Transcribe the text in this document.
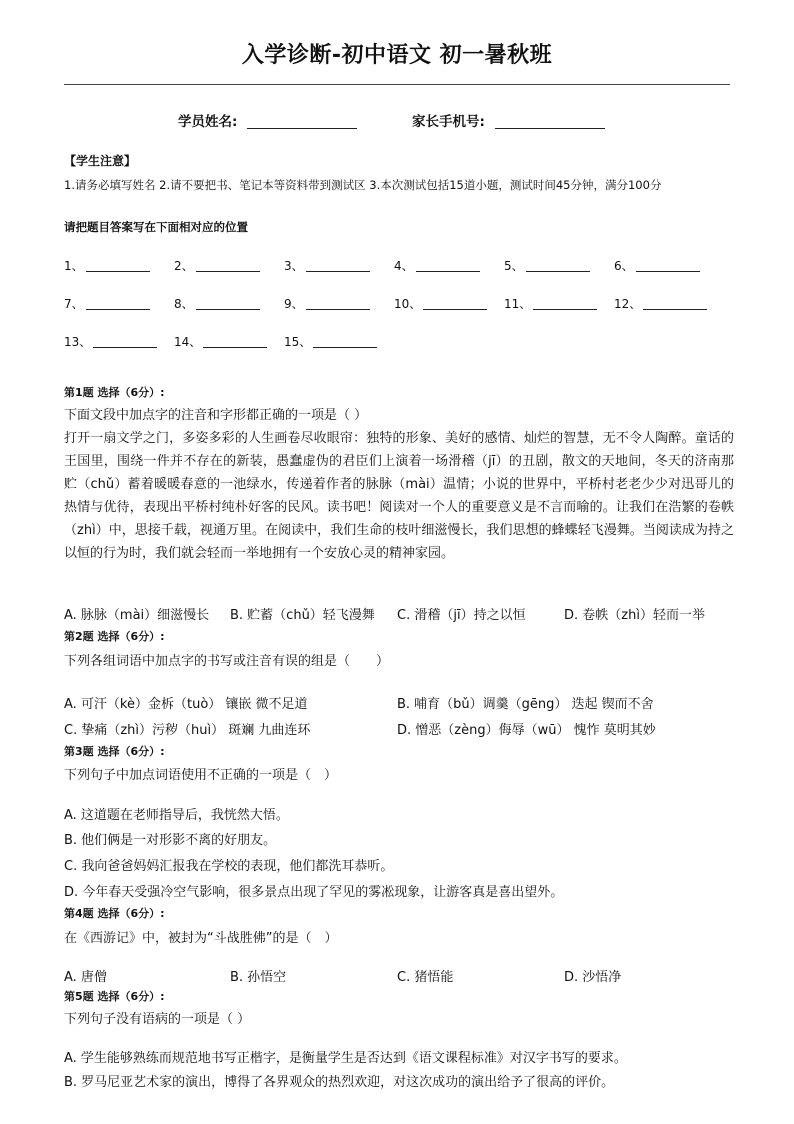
入学诊断-初中语文 初一暑秋班
学员姓名:	家长手机号:
【学生注意】
1.请务必填写姓名 2.请不要把书、笔记本等资料带到测试区 3.本次测试包括15道小题，测试时间45分钟，满分100分
请把题目答案写在下面相对应的位置
1、	2、	3、	4、	5、	6、
7、	8、	9、	10、	11、	12、
13、	14、	15、
第1题 选择（6分）:
下面文段中加点字的注音和字形都正确的一项是（ ）
打开一扇文学之门，多姿多彩的人生画卷尽收眼帘：独特的形象、美好的感情、灿烂的智慧，无不令人陶醉。童话的王国里，围绕一件并不存在的新装，愚蠢虚伪的君臣们上演着一场滑稽（jī）的丑剧，散文的天地间，冬天的济南那贮（chǔ）蓄着暖暖春意的一池绿水，传递着作者的脉脉（mài）温情；小说的世界中，平桥村老老少少对迅哥儿的热情与优待，表现出平桥村纯朴好客的民风。读书吧！阅读对一个人的重要意义是不言而喻的。让我们在浩繁的卷帙（zhì）中，思接千载，视通万里。在阅读中，我们生命的枝叶细滋慢长，我们思想的蜂蝶轻飞漫舞。当阅读成为持之以恒的行为时，我们就会轻而一举地拥有一个安放心灵的精神家园。
A. 脉脉（mài）细滋慢长 B. 贮蓄（chǔ）轻飞漫舞 C. 滑稽（jī）持之以恒	D. 卷帙（zhì）轻而一举
第2题 选择（6分）:
下列各组词语中加点字的书写或注音有误的组是（　　）
A. 可汗（kè）金柝（tuò） 镶嵌 微不足道	B. 哺育（bǔ）调羹（gēng） 迭起 锲而不舍
C. 挚痛（zhì）污秽（huì） 斑斓 九曲连环	D. 憎恶（zèng）侮辱（wū） 愧怍 莫明其妙
第3题 选择（6分）:
下列句子中加点词语使用不正确的一项是（　）
A. 这道题在老师指导后，我恍然大悟。
B. 他们俩是一对形影不离的好朋友。
C. 我向爸爸妈妈汇报我在学校的表现，他们都洗耳恭听。
D. 今年春天受强冷空气影响，很多景点出现了罕见的雾凇现象，让游客真是喜出望外。
第4题 选择（6分）:
在《西游记》中，被封为“斗战胜佛”的是（　）
A. 唐僧	B. 孙悟空	C. 猪悟能	D. 沙悟净
第5题 选择（6分）:
下列句子没有语病的一项是（ ）
A. 学生能够熟练而规范地书写正楷字，是衡量学生是否达到《语文课程标准》对汉字书写的要求。
B. 罗马尼亚艺术家的演出，博得了各界观众的热烈欢迎，对这次成功的演出给予了很高的评价。
